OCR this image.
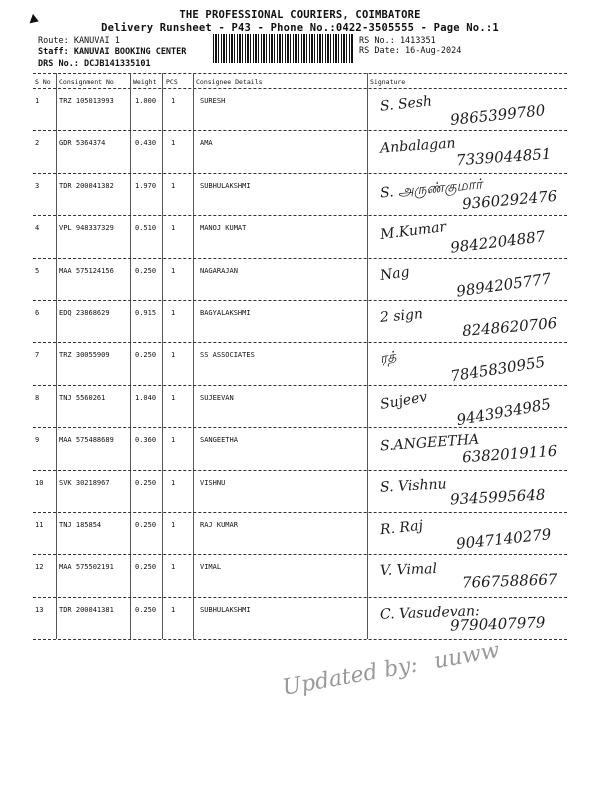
THE PROFESSIONAL COURIERS, COIMBATORE
Delivery Runsheet - P43 - Phone No.:0422-3505555 - Page No.:1
Route: KANUVAI 1
Staff: KANUVAI BOOKING CENTER
DRS No.: DCJB141335101
RS No.: 1413351
RS Date: 16-Aug-2024
S No Consignment No	Weight PCS	Consignee Details	Signature
1	TRZ 105013993	1.000 1	SURESH	S. Sesh 9865399780
2	GDR 5364374	0.430 1	AMA	Anbalagan 7339044851
3	TDR 200041382	1.970 1	SUBHULAKSHMI	S. அருண்குமார்
9360292476
4	VPL 948337329	0.510 1	MANOJ KUMAT	M.Kumar 9842204887
5	MAA 575124156	0.250 1	NAGARAJAN	Nag	9894205777
6	EDQ 23868629	0.915 1	BAGYALAKSHMI	2 sign	8248620706
7	TRZ 30055909	0.250 1	SS ASSOCIATES	ரத்	7845830955
8	TNJ 5560261	1.040 1	SUJEEVAN	Sujeev 9443934985
9	MAA 575488689	0.360 1	SANGEETHA	S.ANGEETHA
6382019116
10 SVK 30218967	0.250 1	VISHNU	S. Vishnu 9345995648
11 TNJ 185854	0.250 1	RAJ KUMAR	R. Raj 9047140279
12 MAA 575502191	0.250 1	VIMAL	V. Vimal
7667588667
13 TDR 200041381	0.250 1	SUBHULAKSHMI	C. Vasudevan:
9790407979
Updated by: uuww
